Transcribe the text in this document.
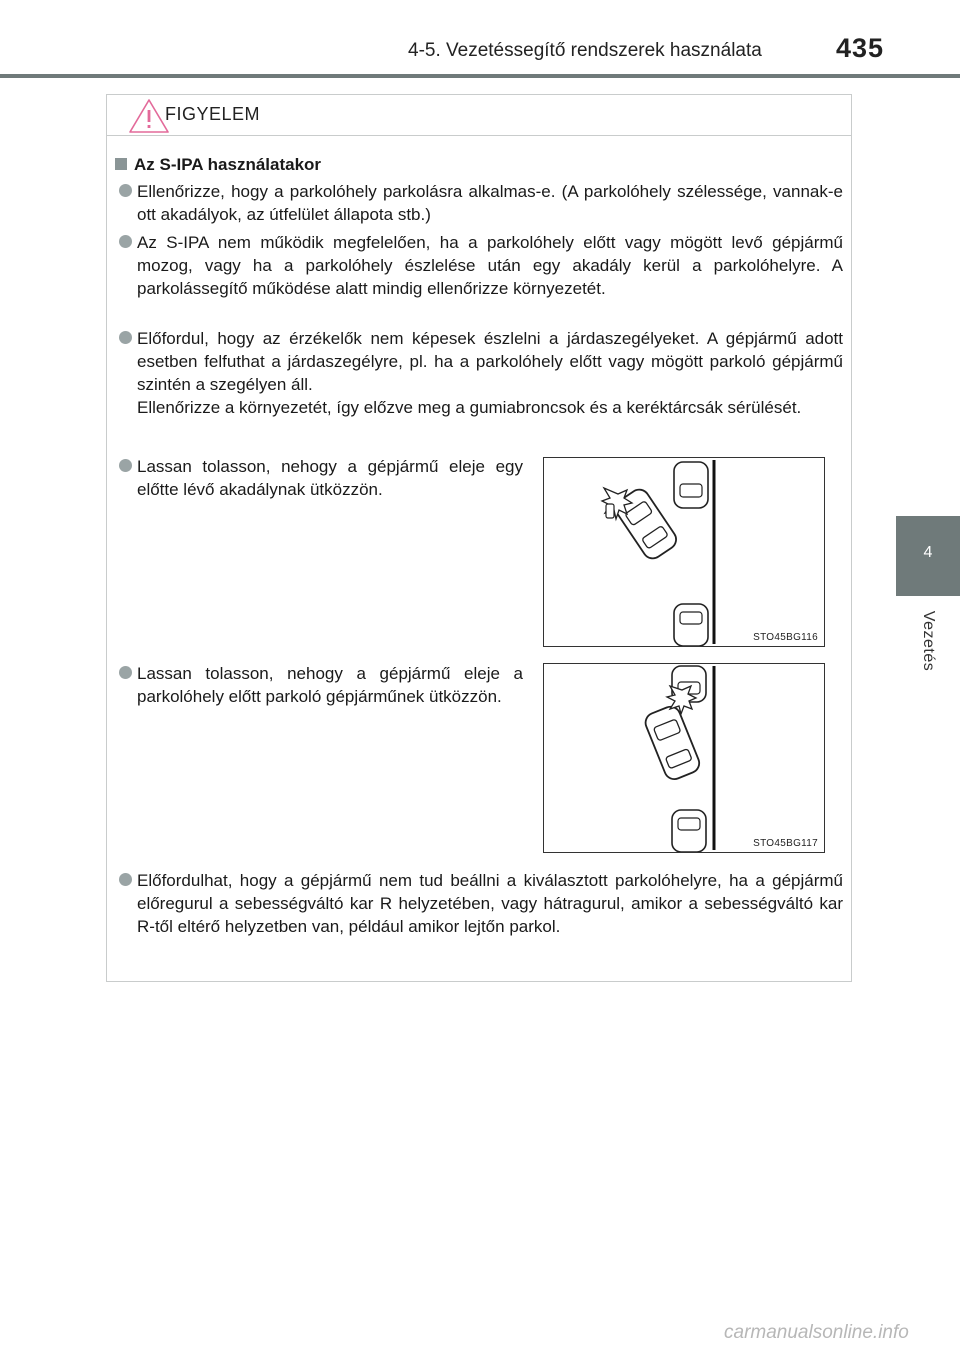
4-5. Vezetéssegítő rendszerek használata	435
4
Vezetés
FIGYELEM
Az S-IPA használatakor
Ellenőrizze, hogy a parkolóhely parkolásra alkalmas-e. (A parkolóhely szélessége, vannak-e ott akadályok, az útfelület állapota stb.)
Az S-IPA nem működik megfelelően, ha a parkolóhely előtt vagy mögött levő gépjármű mozog, vagy ha a parkolóhely észlelése után egy akadály kerül a parkolóhelyre. A parkolássegítő működése alatt mindig ellenőrizze környezetét.
Előfordul, hogy az érzékelők nem képesek észlelni a járdaszegélyeket. A gépjármű adott esetben felfuthat a járdaszegélyre, pl. ha a parkolóhely előtt vagy mögött parkoló gépjármű szintén a szegélyen áll.
Ellenőrizze a környezetét, így előzve meg a gumiabroncsok és a keréktárcsák sérülését.
Lassan tolasson, nehogy a gépjármű eleje egy előtte lévő akadálynak ütközzön.
Lassan tolasson, nehogy a gépjármű eleje a parkolóhely előtt parkoló gépjárműnek ütközzön.
Előfordulhat, hogy a gépjármű nem tud beállni a kiválasztott parkolóhelyre, ha a gépjármű előregurul a sebességváltó kar R helyzetében, vagy hátragurul, amikor a sebességváltó kar R-től eltérő helyzetben van, például amikor lejtőn parkol.
STO45BG116
STO45BG117
carmanualsonline.info
